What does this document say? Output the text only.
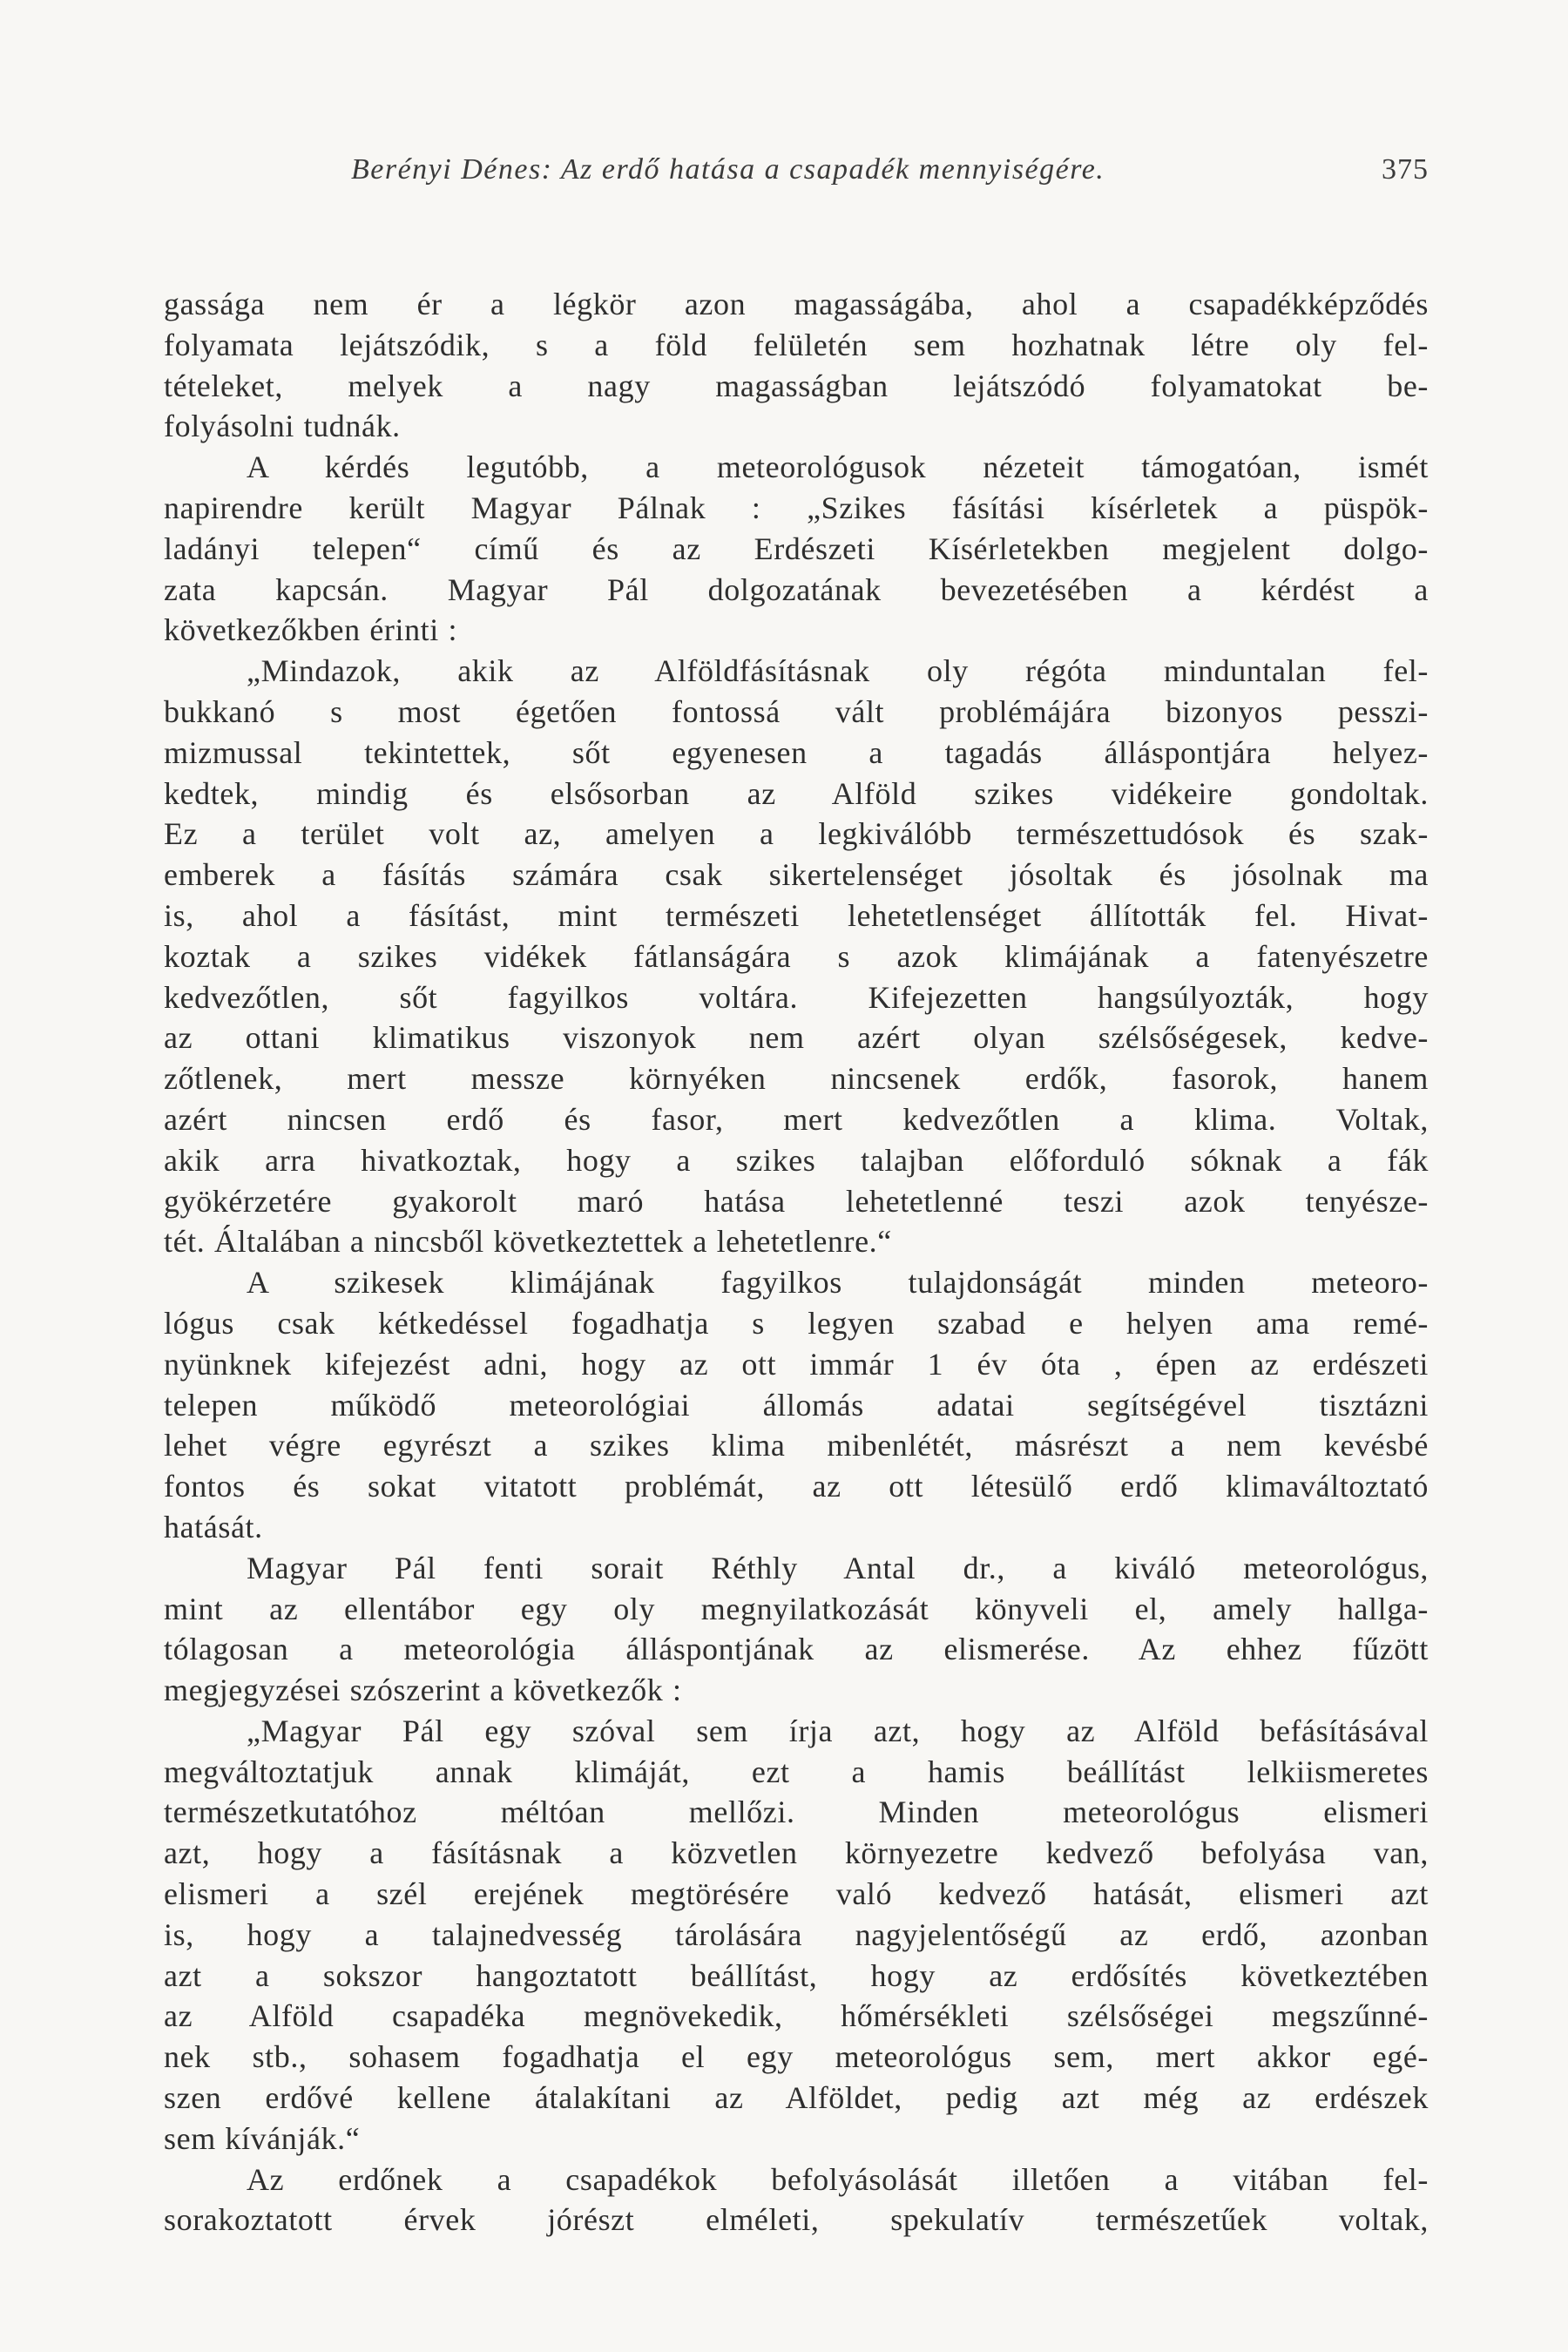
Berényi Dénes: Az erdő hatása a csapadék mennyiségére.	375
gassága nem ér a légkör azon magasságába, ahol a csapadékképződés
folyamata lejátszódik, s a föld felületén sem hozhatnak létre oly fel-
tételeket, melyek a nagy magasságban lejátszódó folyamatokat be-
folyásolni tudnák.
A kérdés legutóbb, a meteorológusok nézeteit támogatóan, ismét
napirendre került Magyar Pálnak : „Szikes fásítási kísérletek a püspök-
ladányi telepen“ című és az Erdészeti Kísérletekben megjelent dolgo-
zata kapcsán. Magyar Pál dolgozatának bevezetésében a kérdést a
következőkben érinti :
„Mindazok, akik az Alföldfásításnak oly régóta minduntalan fel-
bukkanó s most égetően fontossá vált problémájára bizonyos pesszi-
mizmussal tekintettek, sőt egyenesen a tagadás álláspontjára helyez-
kedtek, mindig és elsősorban az Alföld szikes vidékeire gondoltak.
Ez a terület volt az, amelyen a legkiválóbb természettudósok és szak-
emberek a fásítás számára csak sikertelenséget jósoltak és jósolnak ma
is, ahol a fásítást, mint természeti lehetetlenséget állították fel. Hivat-
koztak a szikes vidékek fátlanságára s azok klimájának a fatenyészetre
kedvezőtlen, sőt fagyilkos voltára. Kifejezetten hangsúlyozták, hogy
az ottani klimatikus viszonyok nem azért olyan szélsőségesek, kedve-
zőtlenek, mert messze környéken nincsenek erdők, fasorok, hanem
azért nincsen erdő és fasor, mert kedvezőtlen a klima. Voltak,
akik arra hivatkoztak, hogy a szikes talajban előforduló sóknak a fák
gyökérzetére gyakorolt maró hatása lehetetlenné teszi azok tenyésze-
tét. Általában a nincsből következtettek a lehetetlenre.“
A szikesek klimájának fagyilkos tulajdonságát minden meteoro-
lógus csak kétkedéssel fogadhatja s legyen szabad e helyen ama remé-
nyünknek kifejezést adni, hogy az ott immár 1 év óta , épen az erdészeti
telepen működő meteorológiai állomás adatai segítségével tisztázni
lehet végre egyrészt a szikes klima mibenlétét, másrészt a nem kevésbé
fontos és sokat vitatott problémát, az ott létesülő erdő klimaváltoztató
hatását.
Magyar Pál fenti sorait Réthly Antal dr., a kiváló meteorológus,
mint az ellentábor egy oly megnyilatkozását könyveli el, amely hallga-
tólagosan a meteorológia álláspontjának az elismerése. Az ehhez fűzött
megjegyzései szószerint a következők :
„Magyar Pál egy szóval sem írja azt, hogy az Alföld befásításával
megváltoztatjuk annak klimáját, ezt a hamis beállítást lelkiismeretes
természetkutatóhoz méltóan mellőzi. Minden meteorológus elismeri
azt, hogy a fásításnak a közvetlen környezetre kedvező befolyása van,
elismeri a szél erejének megtörésére való kedvező hatását, elismeri azt
is, hogy a talajnedvesség tárolására nagyjelentőségű az erdő, azonban
azt a sokszor hangoztatott beállítást, hogy az erdősítés következtében
az Alföld csapadéka megnövekedik, hőmérsékleti szélsőségei megszűnné-
nek stb., sohasem fogadhatja el egy meteorológus sem, mert akkor egé-
szen erdővé kellene átalakítani az Alföldet, pedig azt még az erdészek
sem kívánják.“
Az erdőnek a csapadékok befolyásolását illetően a vitában fel-
sorakoztatott érvek jórészt elméleti, spekulatív természetűek voltak,
